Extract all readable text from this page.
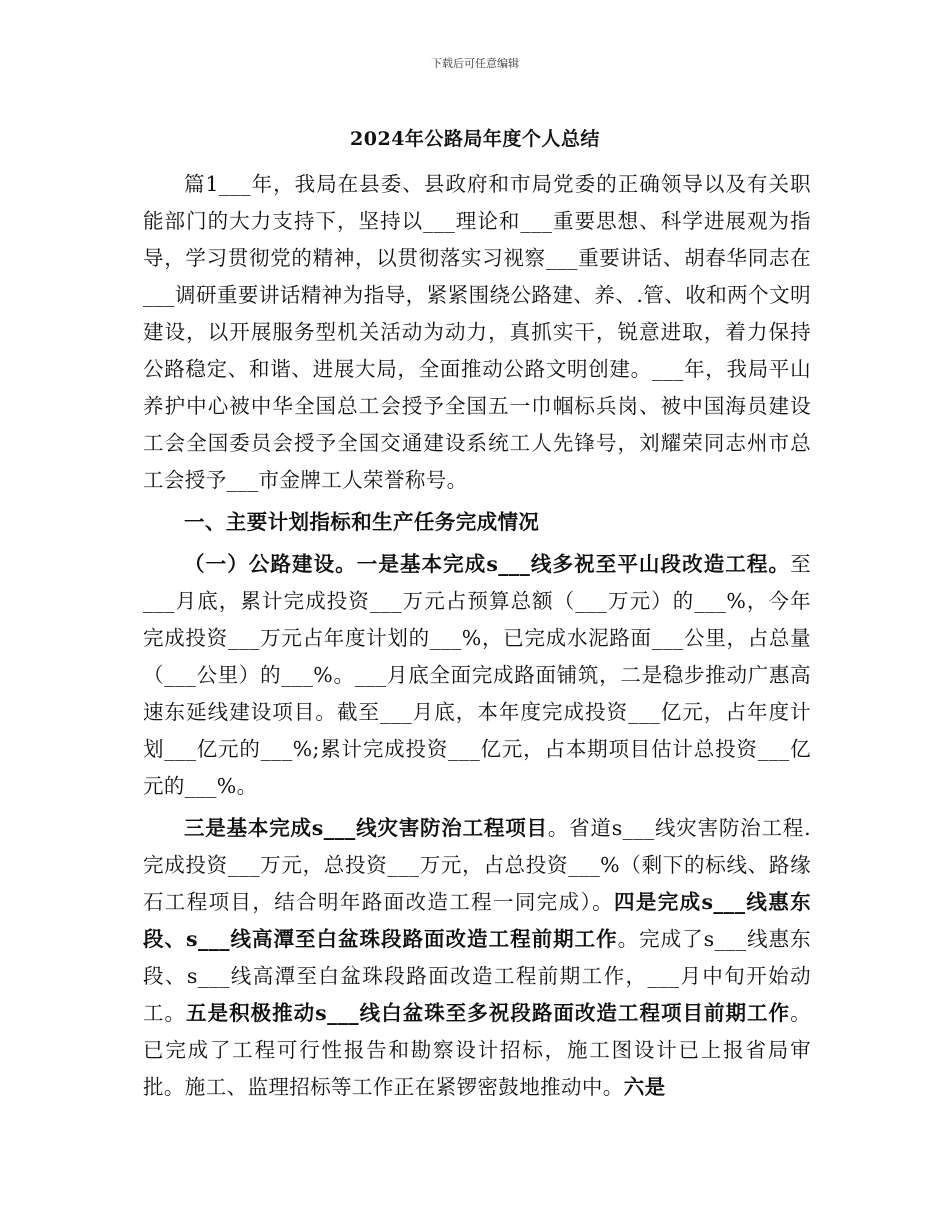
下载后可任意编辑
2024年公路局年度个人总结

篇1___年，我局在县委、县政府和市局党委的正确领导以及有关职能部门的大力支持下，坚持以___理论和___重要思想、科学进展观为指导，学习贯彻党的精神，以贯彻落实习视察___重要讲话、胡春华同志在___调研重要讲话精神为指导，紧紧围绕公路建、养、.管、收和两个文明建设，以开展服务型机关活动为动力，真抓实干，锐意进取，着力保持公路稳定、和谐、进展大局，全面推动公路文明创建。___年，我局平山养护中心被中华全国总工会授予全国五一巾帼标兵岗、被中国海员建设工会全国委员会授予全国交通建设系统工人先锋号，刘耀荣同志州市总工会授予___市金牌工人荣誉称号。

一、主要计划指标和生产任务完成情况

（一）公路建设。一是基本完成s___线多祝至平山段改造工程。至___月底，累计完成投资___万元占预算总额（___万元）的___%，今年完成投资___万元占年度计划的___%，已完成水泥路面___公里，占总量（___公里）的___%。___月底全面完成路面铺筑，二是稳步推动广惠高速东延线建设项目。截至___月底，本年度完成投资___亿元，占年度计划___亿元的___%;累计完成投资___亿元，占本期项目估计总投资___亿元的___%。

三是基本完成s___线灾害防治工程项目。省道s___线灾害防治工程.完成投资___万元，总投资___万元，占总投资___%（剩下的标线、路缘石工程项目，结合明年路面改造工程一同完成）。四是完成s___线惠东段、s___线高潭至白盆珠段路面改造工程前期工作。完成了s___线惠东段、s___线高潭至白盆珠段路面改造工程前期工作，___月中旬开始动工。五是积极推动s___线白盆珠至多祝段路面改造工程项目前期工作。已完成了工程可行性报告和勘察设计招标，施工图设计已上报省局审批。施工、监理招标等工作正在紧锣密鼓地推动中。六是
